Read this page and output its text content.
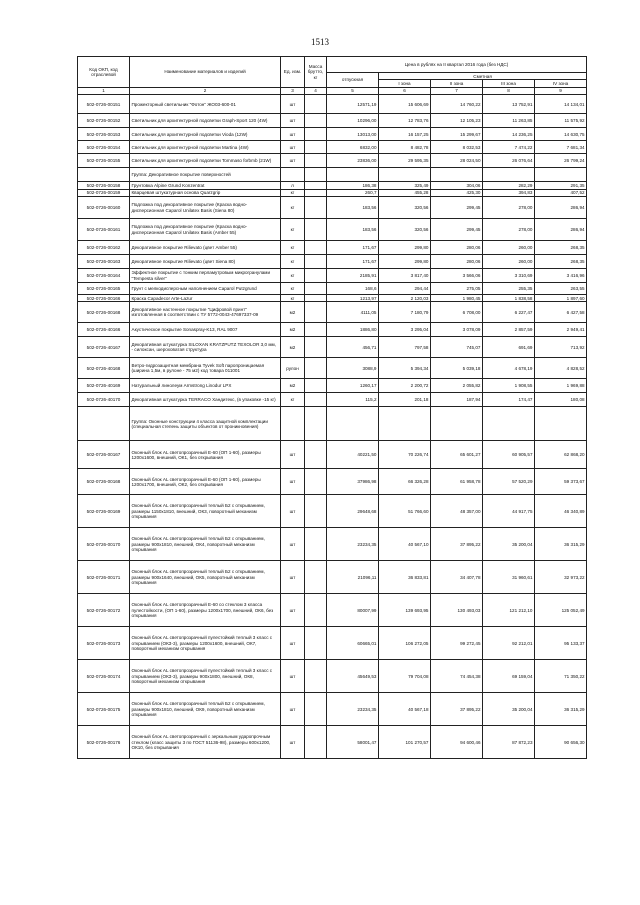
1513
Код ОКП, код отраслевой	Наименование материалов и изделий	Ед. изм.	Масса брутто, кг	Цена в рублях на II квартал 2016 года (без НДС)				
				отпускная	Сметная			
					I зона	II зона	III зона	IV зона
1	2	3	4	5	6	7	8	9
502-0726-00151	Прожекторный светильник "Фотон" ЖО03-600-01	шт		12571,19	15 606,69	14 760,22	13 752,91	14 134,01
502-0726-00152	Светильник для архитектурной подсветки Graph-Sport 120 (4W)	шт		10296,00	12 783,76	12 105,23	11 263,85	11 575,92
502-0726-00153	Светильник для архитектурной подсветки Vioda (12W)	шт		13013,00	16 157,25	15 299,67	14 236,25	14 630,75
502-0726-00154	Светильник для архитектурной подсветки Martina (4W)	шт		6832,00	8 482,78	8 032,53	7 474,22	7 681,34
502-0726-00155	Светильник для архитектурной подсветки Tommaso forbmb (21W)	шт		23836,00	29 595,35	28 024,50	26 076,64	26 799,24
	Группа: Декоративное покрытие поверхностей							
502-0726-00158	Грунтовка Alpine Grund Konzentrat	л		186,38	325,49	304,06	282,29	291,35
502-0726-00159	Кварцевая штукатурная основа Quarzgrip	кг		260,7	455,28	425,30	394,83	407,52
502-0726-00160	Подложка под декоративное покрытие (Краска водно-дисперсионная Caparol Unilatex Basis (Siena 80)	кг		183,56	320,56	299,45	278,00	286,94
502-0726-00161	Подложка под декоративное покрытие (Краска водно-дисперсионная Caparol Unilatex Basis (Amber 55)	кг		183,56	320,56	299,45	278,00	286,94
502-0726-00162	Декоративное покрытие Rilievato (цвет Amber 55)	кг		171,67	299,80	280,06	260,00	268,35
502-0726-00163	Декоративное покрытие Rilievato (цвет Siena 80)	кг		171,67	299,80	280,06	260,00	268,35
502-0726-00164	Эффектное покрытие с тонким перламутровым микрогранулами "Tempesta silver"	кг		2185,91	3 817,40	3 566,06	3 310,69	3 416,96
502-0726-00165	Грунт с мелкодисперсным наполнением Caparol Putzgrund	кг		168,6	294,44	275,05	255,35	263,55
502-0726-00166	Краска Capadecor Arte-Lazur	кг		1213,97	2 120,03	1 980,45	1 838,58	1 897,60
502-0726-00168	Декоративное настенное покрытие "Цифровой принт" изготовленная в соответствии с ТУ 5772-0043-47697337-09	м2		4111,05	7 180,79	6 708,00	6 227,47	6 427,58
502-0726-40166	Акустическое покрытие Sonaspray-K13, RAL 9007	м2		1886,80	3 295,04	3 078,09	2 857,59	2 949,41
502-0726-40167	Декоративная штукатурка SILOXAN KRATZPUTZ TEXOLOR 3,0 мм, - силоксан, шероховатая структура	м2		456,71	797,58	745,07	691,69	713,92
502-0726-40168	Ветро-гидрозащитная мембрана Tyvek Soft паропроницаемая (ширина 1,5м, в рулоне - 75 м2) код товара 011001	рулон		3088,9	5 394,34	5 039,18	4 678,19	4 828,52
502-0726-40169	Натуральный линолеум Armstrong Linodur LPX	м2		1260,17	2 200,72	2 055,82	1 908,55	1 969,88
502-0726-40170	Декоративная штукатурка TERRACO Хандитекс, (в упаковке -15 кг)	кг		115,2	201,18	187,94	174,47	180,08
	Группа: Оконные конструкции 4 класса защитной комплектации (специальная степень защиты объектов от проникновения)							
502-0726-00167	Оконный блок AL светопрозрачный Е-60 (ОП 1-60), размеры 1200x1600, внешний, ОК1, без открывания	шт		40221,50	70 226,74	65 601,27	60 905,57	62 868,20
502-0726-00168	Оконный блок AL светопрозрачный Е-60 (ОП 1-60), размеры 1200x1700, внешний, ОК2, без открывания	шт		37986,98	66 326,28	61 958,78	57 520,29	59 373,67
502-0726-00169	Оконный блок AL светопрозрачный теплый Б2 с открыванием, размеры 1150x1810, внешний, ОК3, поворотный механизм открывания	шт		29648,68	51 766,60	48 357,00	44 917,75	46 340,89
502-0726-00170	Оконный блок AL светопрозрачный теплый Б2 с открыванием, размеры 900x1810, внешний, ОК4, поворотный механизм открывания	шт		23234,35	40 567,10	37 895,22	35 200,04	36 315,29
502-0726-00171	Оконный блок AL светопрозрачный теплый Б2 с открыванием, размеры 900x1640, внешний, ОК5, поворотный механизм открывания	шт		21096,11	36 833,81	34 407,78	31 960,61	32 973,22
502-0726-00172	Оконный блок AL светопрозрачный Е-60 со стеклом 3 класса пулестойкости, (ОП 1-60), размеры 1200x1700, внешний, ОК6, без открывания	шт		80007,99	139 693,95	130 493,03	121 212,10	125 052,49
502-0726-00173	Оконный блок AL светопрозрачный пулестойкий теплый 3 класс с открыванием (ОКЗ-3), размеры 1200x1600, внешний, ОК7, поворотный механизм открывания	шт		60665,01	106 272,05	99 272,45	92 212,01	95 133,37
502-0726-00174	Оконный блок AL светопрозрачный пулестойкий теплый 3 класс с открыванием (ОКЗ-3), размеры 900x1800, внешний, ОК8, поворотный механизм открывания	шт		45649,53	79 704,08	74 454,38	69 159,04	71 350,22
502-0726-00175	Оконный блок AL светопрозрачный теплый Б2 с открыванием, размеры 900x1810, внешний, ОК9, поворотный механизм открывания	шт		23234,35	40 567,18	37 895,22	35 200,04	36 315,29
502-0726-00176	Оконный блок AL светопрозрачный с зеркальным ударопрочным стеклом (класс защиты 3 по ГОСТ 51136-98), размеры 600x1200, ОК10, без открывания	шт		58001,47	101 270,57	94 600,46	87 872,23	90 656,30
